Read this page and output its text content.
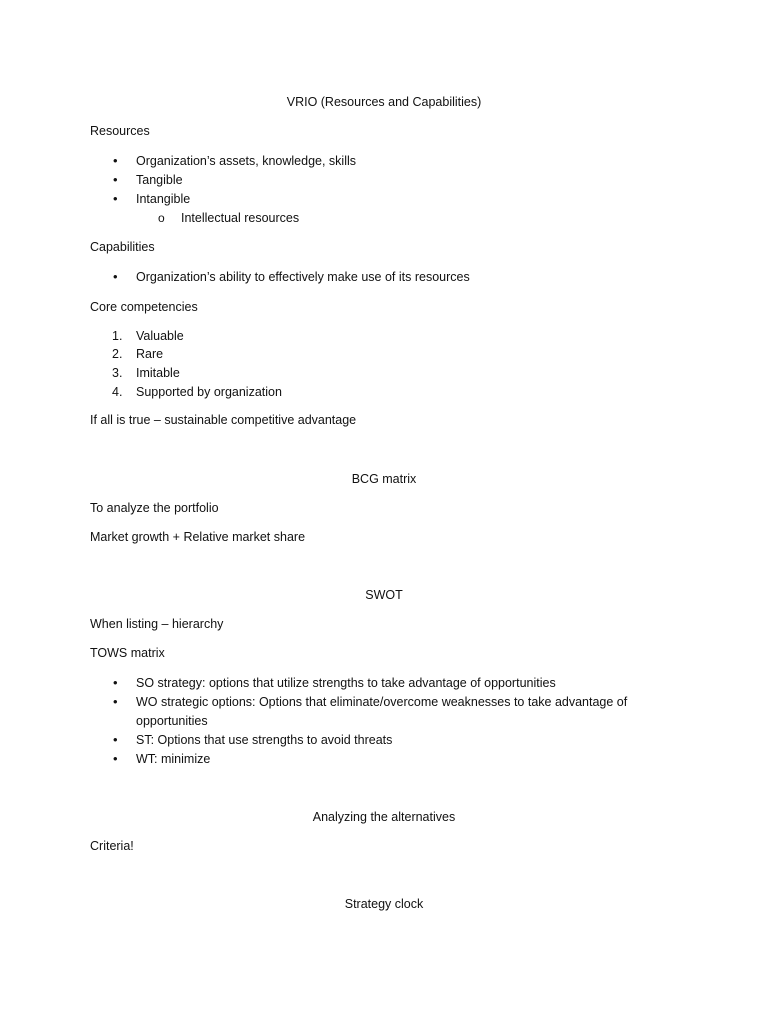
VRIO (Resources and Capabilities)
Resources
• Organization’s assets, knowledge, skills
• Tangible
• Intangible
o Intellectual resources
Capabilities
• Organization’s ability to effectively make use of its resources
Core competencies
1. Valuable
2. Rare
3. Imitable
4. Supported by organization
If all is true – sustainable competitive advantage
BCG matrix
To analyze the portfolio
Market growth + Relative market share
SWOT
When listing – hierarchy
TOWS matrix
• SO strategy: options that utilize strengths to take advantage of opportunities
• WO strategic options: Options that eliminate/overcome weaknesses to take advantage of
opportunities
• ST: Options that use strengths to avoid threats
• WT: minimize
Analyzing the alternatives
Criteria!
Strategy clock
